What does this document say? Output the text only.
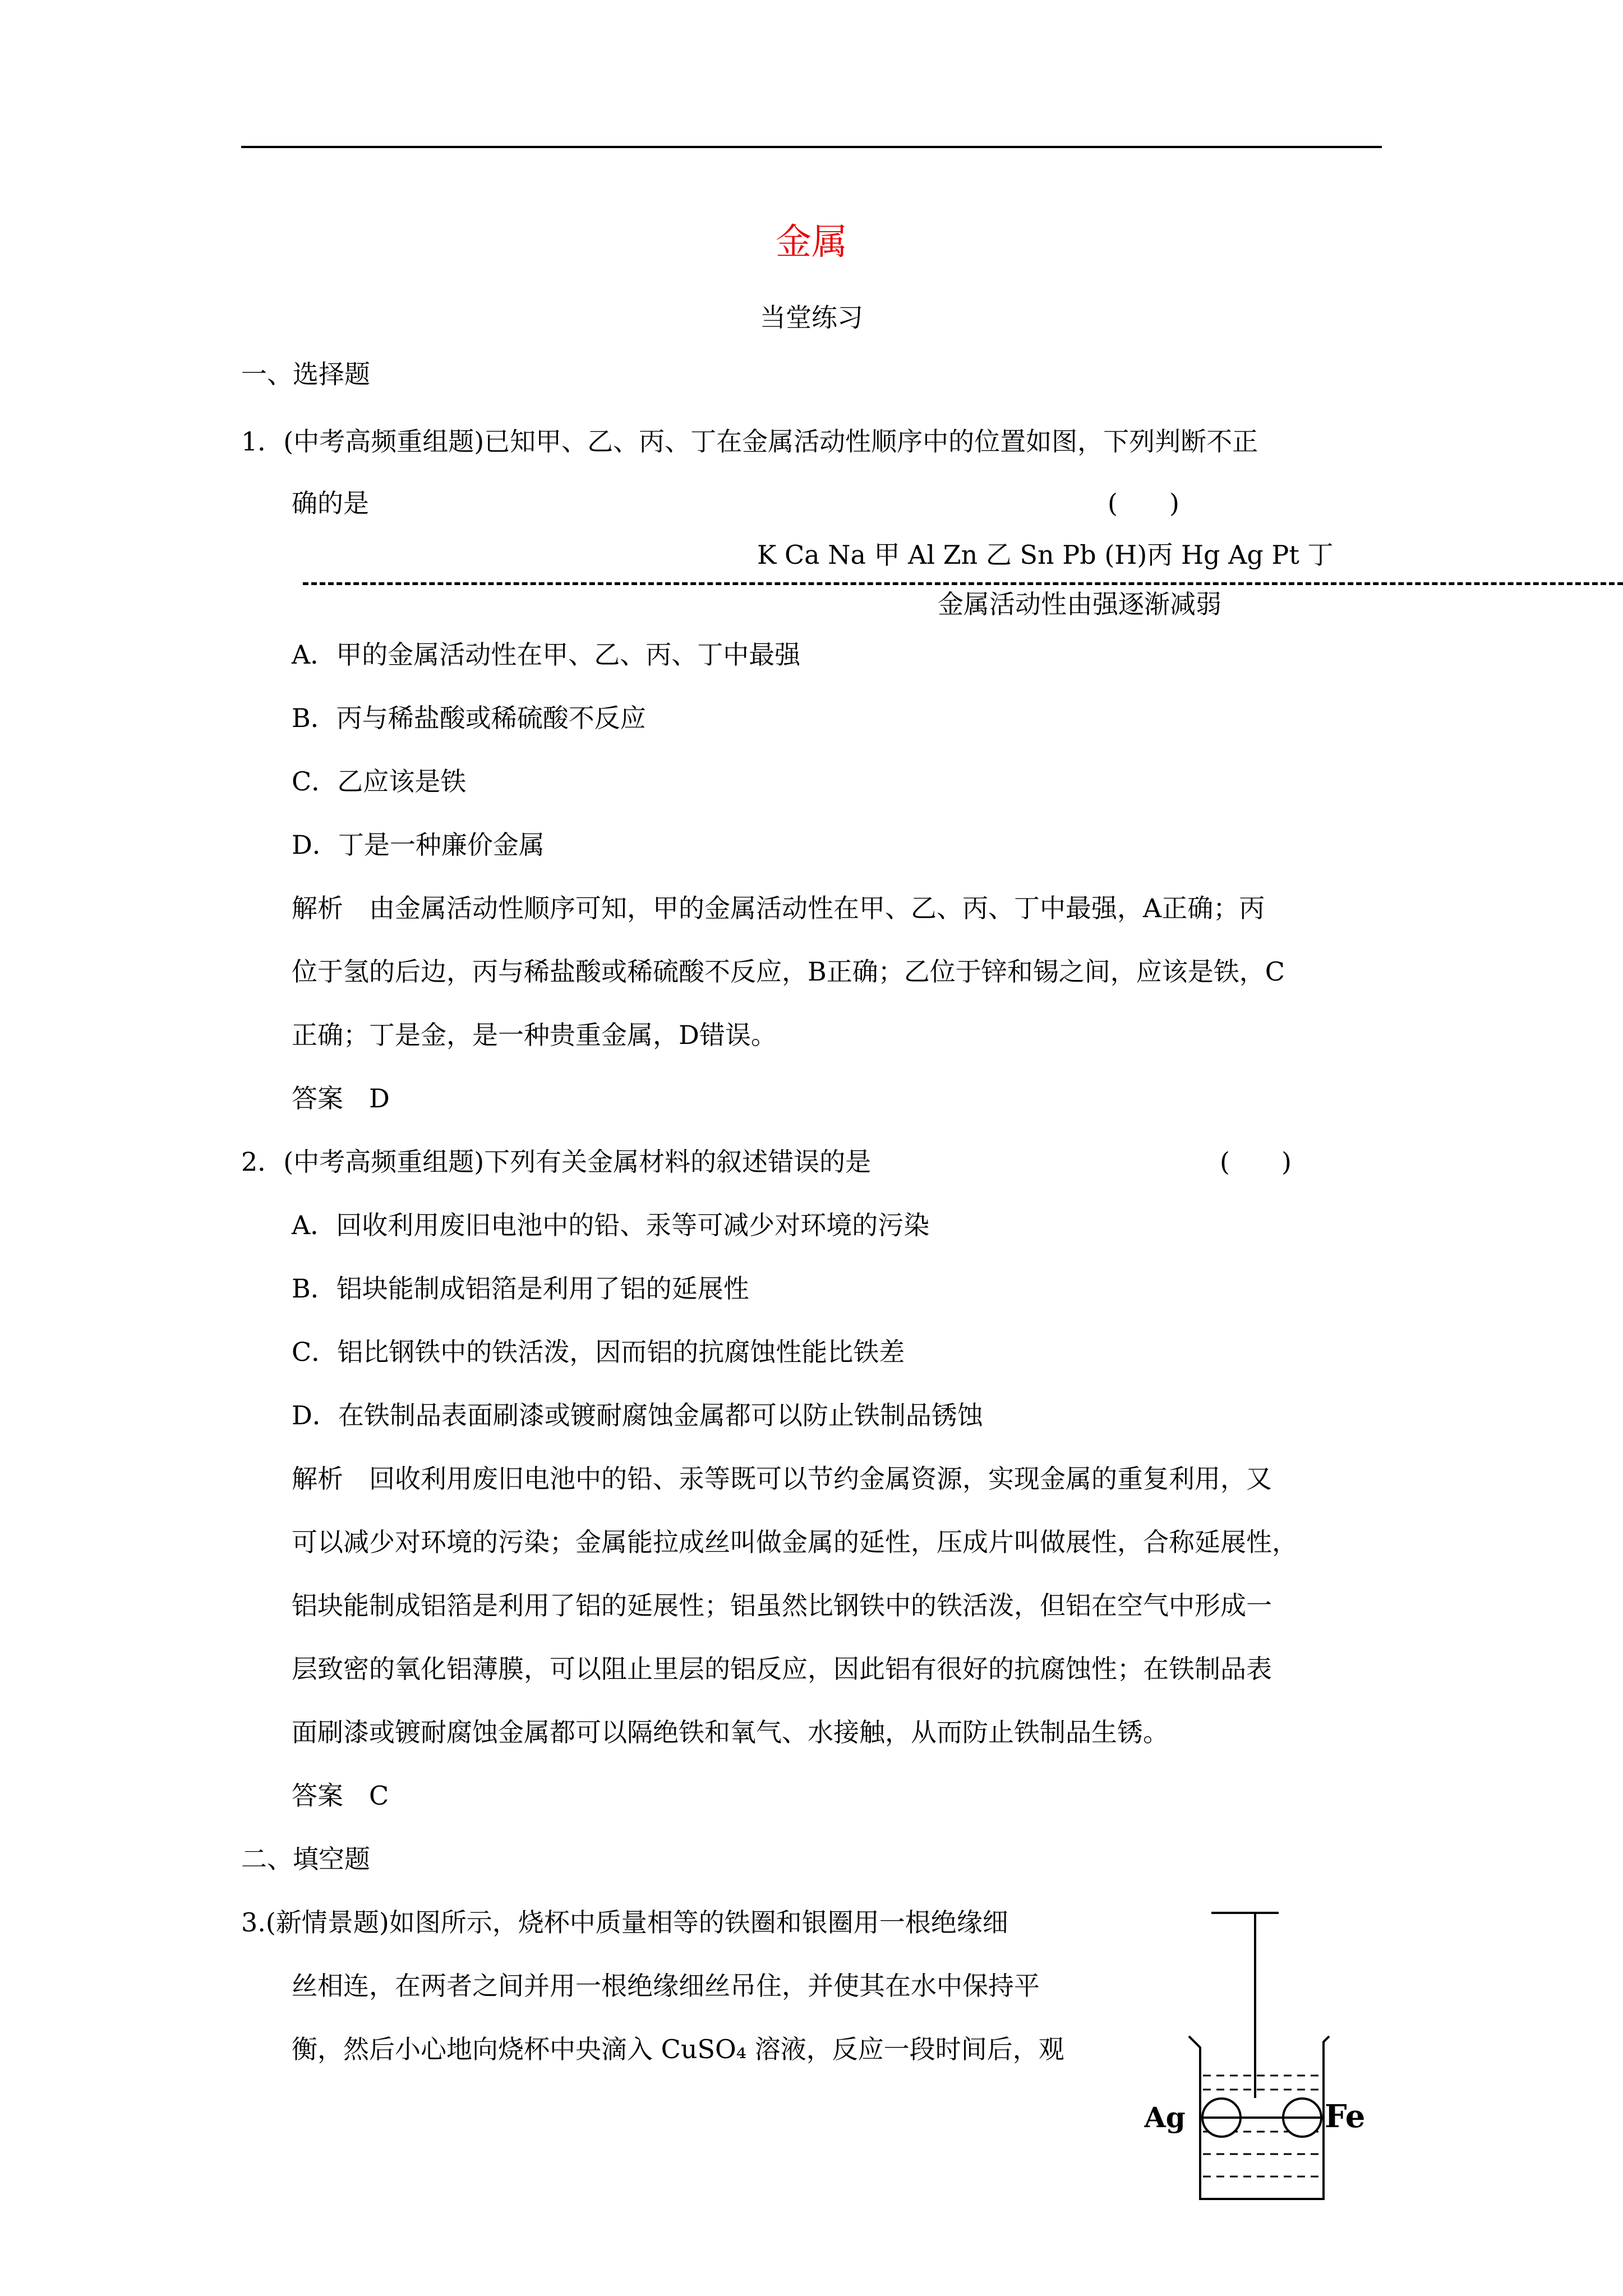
金属
当堂练习
一、选择题
1．(中考高频重组题)已知甲、乙、丙、丁在金属活动性顺序中的位置如图，下列判断不正
确的是	(　　)
K Ca Na 甲 Al Zn 乙 Sn Pb (H)丙 Hg Ag Pt 丁
金属活动性由强逐渐减弱
A．甲的金属活动性在甲、乙、丙、丁中最强
B．丙与稀盐酸或稀硫酸不反应
C．乙应该是铁
D．丁是一种廉价金属
解析　由金属活动性顺序可知，甲的金属活动性在甲、乙、丙、丁中最强，A正确；丙
位于氢的后边，丙与稀盐酸或稀硫酸不反应，B正确；乙位于锌和锡之间，应该是铁，C
正确；丁是金，是一种贵重金属，D错误。
答案　D
2．(中考高频重组题)下列有关金属材料的叙述错误的是	(　　)
A．回收利用废旧电池中的铅、汞等可减少对环境的污染
B．铝块能制成铝箔是利用了铝的延展性
C．铝比钢铁中的铁活泼，因而铝的抗腐蚀性能比铁差
D．在铁制品表面刷漆或镀耐腐蚀金属都可以防止铁制品锈蚀
解析　回收利用废旧电池中的铅、汞等既可以节约金属资源，实现金属的重复利用，又
可以减少对环境的污染；金属能拉成丝叫做金属的延性，压成片叫做展性，合称延展性，
铝块能制成铝箔是利用了铝的延展性；铝虽然比钢铁中的铁活泼，但铝在空气中形成一
层致密的氧化铝薄膜，可以阻止里层的铝反应，因此铝有很好的抗腐蚀性；在铁制品表
面刷漆或镀耐腐蚀金属都可以隔绝铁和氧气、水接触，从而防止铁制品生锈。
答案　C
二、填空题
3.(新情景题)如图所示，烧杯中质量相等的铁圈和银圈用一根绝缘细
丝相连，在两者之间并用一根绝缘细丝吊住，并使其在水中保持平
衡，然后小心地向烧杯中央滴入 CuSO₄ 溶液，反应一段时间后，观
Ag	Fe
